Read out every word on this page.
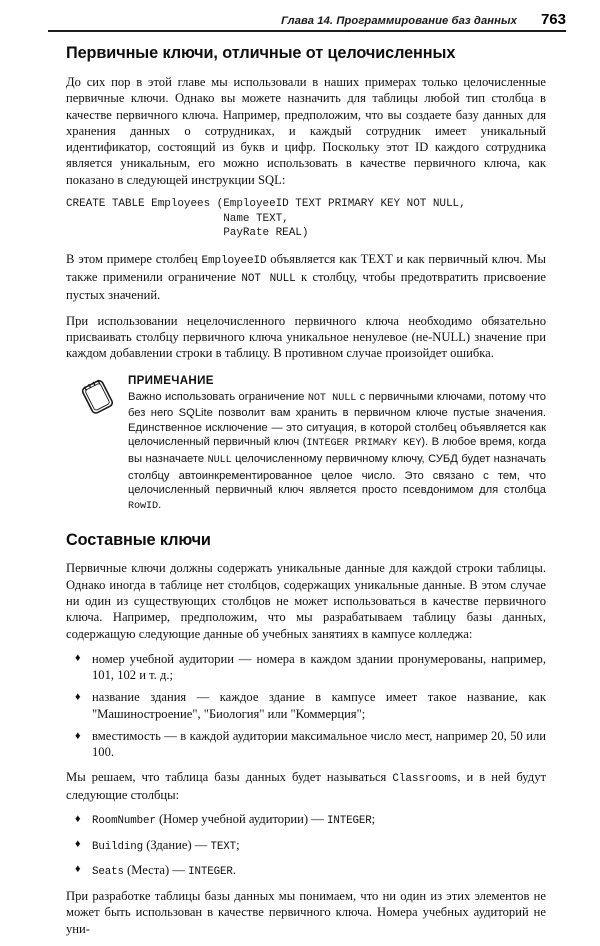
Глава 14. Программирование баз данных 763
Первичные ключи, отличные от целочисленных

До сих пор в этой главе мы использовали в наших примерах только целочисленные первичные ключи. Однако вы можете назначить для таблицы любой тип столбца в качестве первичного ключа. Например, предположим, что вы создаете базу данных для хранения данных о сотрудниках, и каждый сотрудник имеет уникальный идентификатор, состоящий из букв и цифр. Поскольку этот ID каждого сотрудника является уникальным, его можно использовать в качестве первичного ключа, как показано в следующей инструкции SQL:

CREATE TABLE Employees (EmployeeID TEXT PRIMARY KEY NOT NULL,
Name TEXT,
PayRate REAL)

В этом примере столбец EmployeeID объявляется как TEXT и как первичный ключ. Мы также применили ограничение NOT NULL к столбцу, чтобы предотвратить присвоение пустых значений.

При использовании нецелочисленного первичного ключа необходимо обязательно присваивать столбцу первичного ключа уникальное ненулевое (не-NULL) значение при каждом добавлении строки в таблицу. В противном случае произойдет ошибка.

ПРИМЕЧАНИЕ

Важно использовать ограничение NOT NULL с первичными ключами, потому что без него SQLite позволит вам хранить в первичном ключе пустые значения. Единственное исключение — это ситуация, в которой столбец объявляется как целочисленный первичный ключ (INTEGER PRIMARY KEY). В любое время, когда вы назначаете NULL целочисленному первичному ключу, СУБД будет назначать столбцу автоинкрементированное целое число. Это связано с тем, что целочисленный первичный ключ является просто псевдонимом для столбца RowID.

Составные ключи

Первичные ключи должны содержать уникальные данные для каждой строки таблицы. Однако иногда в таблице нет столбцов, содержащих уникальные данные. В этом случае ни один из существующих столбцов не может использоваться в качестве первичного ключа. Например, предположим, что мы разрабатываем таблицу базы данных, содержащую следующие данные об учебных занятиях в кампусе колледжа:

♦ номер учебной аудитории — номера в каждом здании пронумерованы, например, 101, 102 и т. д.;
♦ название здания — каждое здание в кампусе имеет такое название, как "Машиностроение", "Биология" или "Коммерция";
♦ вместимость — в каждой аудитории максимальное число мест, например 20, 50 или 100.

Мы решаем, что таблица базы данных будет называться Classrooms, и в ней будут следующие столбцы:

♦ RoomNumber (Номер учебной аудитории) — INTEGER;
♦ Building (Здание) — TEXT;
♦ Seats (Места) — INTEGER.

При разработке таблицы базы данных мы понимаем, что ни один из этих элементов не может быть использован в качестве первичного ключа. Номера учебных аудиторий не уни-
